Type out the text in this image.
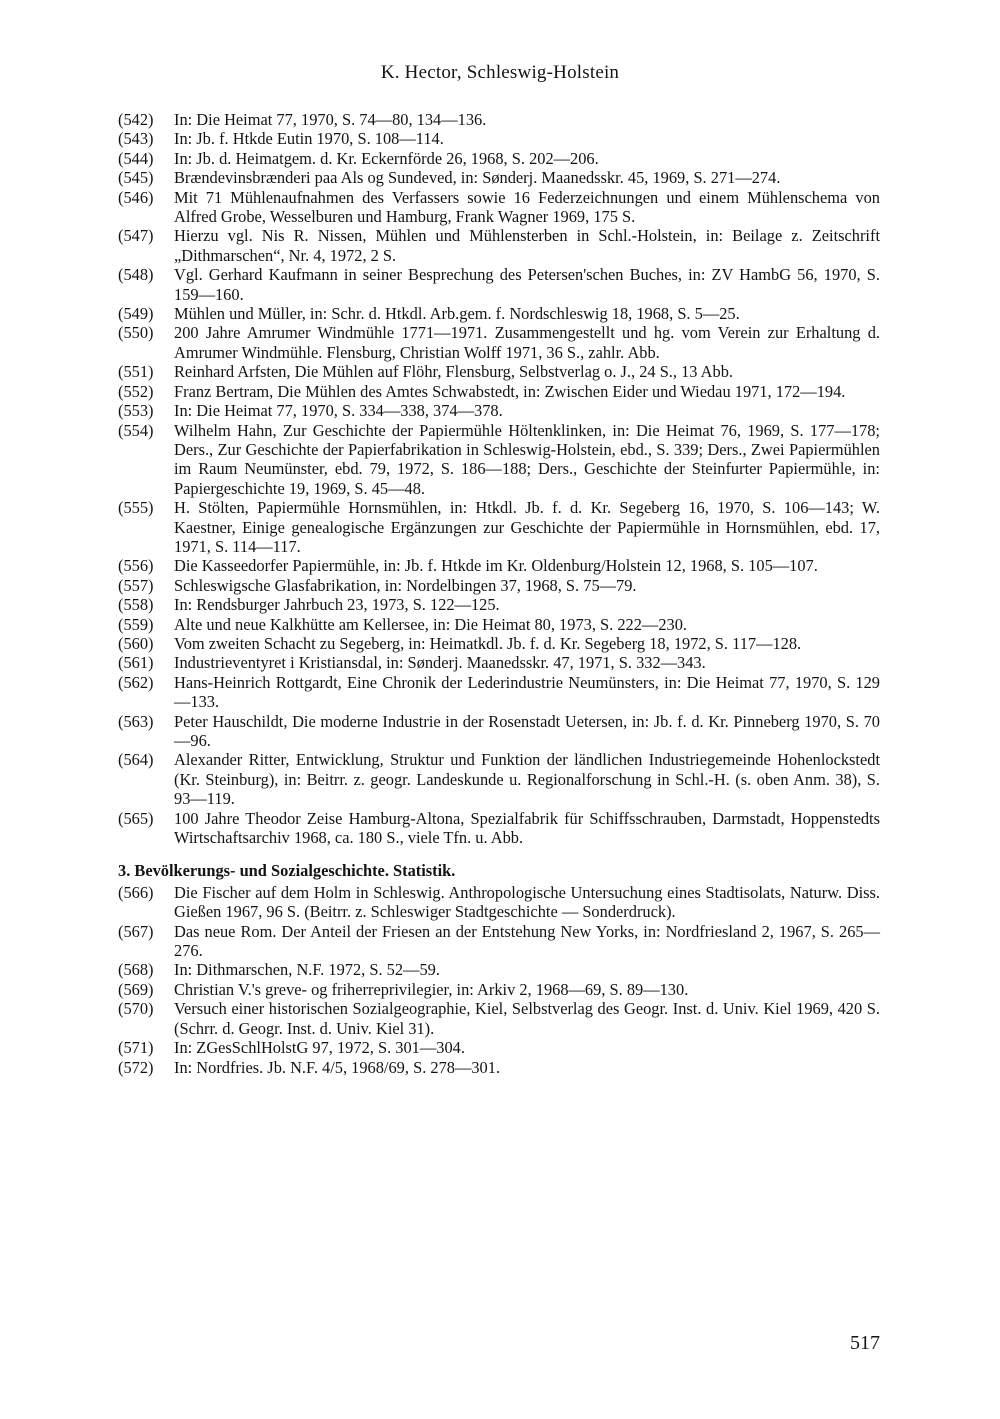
K. Hector, Schleswig-Holstein
(542)	In: Die Heimat 77, 1970, S. 74—80, 134—136.
(543)	In: Jb. f. Htkde Eutin 1970, S. 108—114.
(544)	In: Jb. d. Heimatgem. d. Kr. Eckernförde 26, 1968, S. 202—206.
(545)	Brændevinsbrænderi paa Als og Sundeved, in: Sønderj. Maanedsskr. 45, 1969, S. 271—274.
(546)	Mit 71 Mühlenaufnahmen des Verfassers sowie 16 Federzeichnungen und einem Mühlenschema von Alfred Grobe, Wesselburen und Hamburg, Frank Wagner 1969, 175 S.
(547)	Hierzu vgl. Nis R. Nissen, Mühlen und Mühlensterben in Schl.-Holstein, in: Beilage z. Zeitschrift „Dithmarschen“, Nr. 4, 1972, 2 S.
(548)	Vgl. Gerhard Kaufmann in seiner Besprechung des Petersen'schen Buches, in: ZV HambG 56, 1970, S. 159—160.
(549)	Mühlen und Müller, in: Schr. d. Htkdl. Arb.gem. f. Nordschleswig 18, 1968, S. 5—25.
(550)	200 Jahre Amrumer Windmühle 1771—1971. Zusammengestellt und hg. vom Verein zur Erhaltung d. Amrumer Windmühle. Flensburg, Christian Wolff 1971, 36 S., zahlr. Abb.
(551)	Reinhard Arfsten, Die Mühlen auf Flöhr, Flensburg, Selbstverlag o. J., 24 S., 13 Abb.
(552)	Franz Bertram, Die Mühlen des Amtes Schwabstedt, in: Zwischen Eider und Wiedau 1971, 172—194.
(553)	In: Die Heimat 77, 1970, S. 334—338, 374—378.
(554)	Wilhelm Hahn, Zur Geschichte der Papiermühle Höltenklinken, in: Die Heimat 76, 1969, S. 177—178; Ders., Zur Geschichte der Papierfabrikation in Schleswig-Holstein, ebd., S. 339; Ders., Zwei Papiermühlen im Raum Neumünster, ebd. 79, 1972, S. 186—188; Ders., Geschichte der Steinfurter Papiermühle, in: Papiergeschichte 19, 1969, S. 45—48.
(555)	H. Stölten, Papiermühle Hornsmühlen, in: Htkdl. Jb. f. d. Kr. Segeberg 16, 1970, S. 106—143; W. Kaestner, Einige genealogische Ergänzungen zur Geschichte der Papiermühle in Hornsmühlen, ebd. 17, 1971, S. 114—117.
(556)	Die Kasseedorfer Papiermühle, in: Jb. f. Htkde im Kr. Oldenburg/Holstein 12, 1968, S. 105—107.
(557)	Schleswigsche Glasfabrikation, in: Nordelbingen 37, 1968, S. 75—79.
(558)	In: Rendsburger Jahrbuch 23, 1973, S. 122—125.
(559)	Alte und neue Kalkhütte am Kellersee, in: Die Heimat 80, 1973, S. 222—230.
(560)	Vom zweiten Schacht zu Segeberg, in: Heimatkdl. Jb. f. d. Kr. Segeberg 18, 1972, S. 117—128.
(561)	Industrieventyret i Kristiansdal, in: Sønderj. Maanedsskr. 47, 1971, S. 332—343.
(562)	Hans-Heinrich Rottgardt, Eine Chronik der Lederindustrie Neumünsters, in: Die Heimat 77, 1970, S. 129—133.
(563)	Peter Hauschildt, Die moderne Industrie in der Rosenstadt Uetersen, in: Jb. f. d. Kr. Pinneberg 1970, S. 70—96.
(564)	Alexander Ritter, Entwicklung, Struktur und Funktion der ländlichen Industriegemeinde Hohenlockstedt (Kr. Steinburg), in: Beitrr. z. geogr. Landeskunde u. Regionalforschung in Schl.-H. (s. oben Anm. 38), S. 93—119.
(565)	100 Jahre Theodor Zeise Hamburg-Altona, Spezialfabrik für Schiffsschrauben, Darmstadt, Hoppenstedts Wirtschaftsarchiv 1968, ca. 180 S., viele Tfn. u. Abb.
3. Bevölkerungs- und Sozialgeschichte. Statistik.
(566)	Die Fischer auf dem Holm in Schleswig. Anthropologische Untersuchung eines Stadtisolats, Naturw. Diss. Gießen 1967, 96 S. (Beitrr. z. Schleswiger Stadtgeschichte — Sonderdruck).
(567)	Das neue Rom. Der Anteil der Friesen an der Entstehung New Yorks, in: Nordfriesland 2, 1967, S. 265—276.
(568)	In: Dithmarschen, N.F. 1972, S. 52—59.
(569)	Christian V.'s greve- og friherreprivilegier, in: Arkiv 2, 1968—69, S. 89—130.
(570)	Versuch einer historischen Sozialgeographie, Kiel, Selbstverlag des Geogr. Inst. d. Univ. Kiel 1969, 420 S. (Schrr. d. Geogr. Inst. d. Univ. Kiel 31).
(571)	In: ZGesSchlHolstG 97, 1972, S. 301—304.
(572)	In: Nordfries. Jb. N.F. 4/5, 1968/69, S. 278—301.
517
